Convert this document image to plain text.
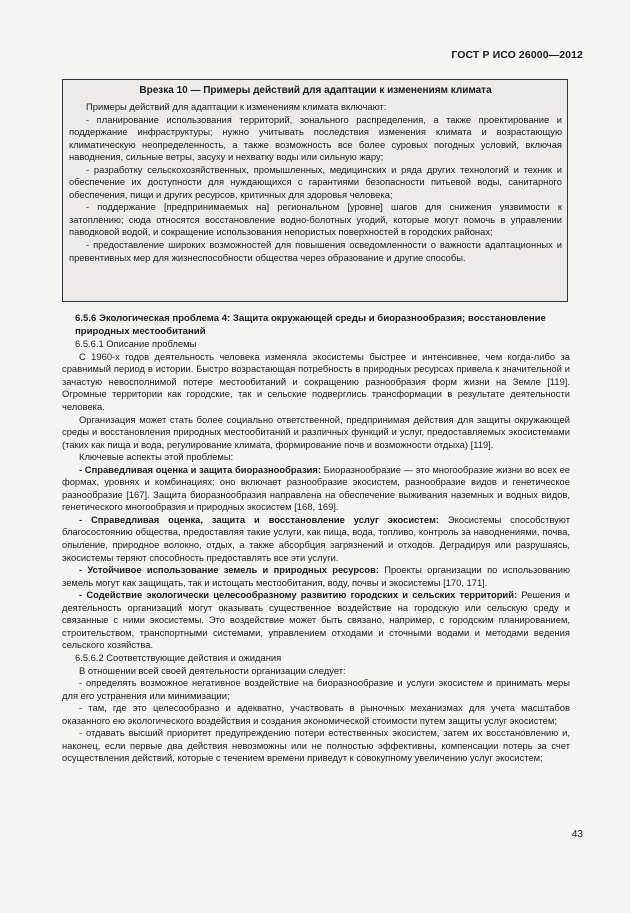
ГОСТ Р ИСО 26000—2012
Врезка 10 — Примеры действий для адаптации к изменениям климата

Примеры действий для адаптации к изменениям климата включают:

- планирование использования территорий, зонального распределения, а также проектирование и поддержание инфраструктуры; нужно учитывать последствия изменения климата и возрастающую климатическую неопределенность, а также возможность все более суровых погодных условий, включая наводнения, сильные ветры, засуху и нехватку воды или сильную жару;

- разработку сельскохозяйственных, промышленных, медицинских и ряда других технологий и техник и обеспечение их доступности для нуждающихся с гарантиями безопасности питьевой воды, санитарного обеспечения, пищи и других ресурсов, критичных для здоровья человека;

- поддержание [предпринимаемых на] региональном [уровне] шагов для снижения уязвимости к затоплению; сюда относятся восстановление водно-болотных угодий, которые могут помочь в управлении паводковой водой, и сокращение использования непористых поверхностей в городских районах;

- предоставление широких возможностей для повышения осведомленности о важности адаптационных и превентивных мер для жизнеспособности общества через образование и другие способы.

6.5.6 Экологическая проблема 4: Защита окружающей среды и биоразнообразия; восстановление природных местообитаний

6.5.6.1 Описание проблемы

С 1960-х годов деятельность человека изменяла экосистемы быстрее и интенсивнее, чем когда-либо за сравнимый период в истории. Быстро возрастающая потребность в природных ресурсах привела к значительной и зачастую невосполнимой потере местообитаний и сокращению разнообразия форм жизни на Земле [119]. Огромные территории как городские, так и сельские подверглись трансформации в результате деятельности человека.

Организация может стать более социально ответственной, предпринимая действия для защиты окружающей среды и восстановления природных местообитаний и различных функций и услуг, предоставляемых экосистемами (таких как пища и вода, регулирование климата, формирование почв и возможности отдыха) [119].

Ключевые аспекты этой проблемы:

- Справедливая оценка и защита биоразнообразия: Биоразнообразие — это многообразие жизни во всех ее формах, уровнях и комбинациях; оно включает разнообразие экосистем, разнообразие видов и генетическое разнообразие [167]. Защита биоразнообразия направлена на обеспечение выживания наземных и водных видов, генетического многообразия и природных экосистем [168, 169].

- Справедливая оценка, защита и восстановление услуг экосистем: Экосистемы способствуют благосостоянию общества, предоставляя такие услуги, как пища, вода, топливо, контроль за наводнениями, почва, опыление, природное волокно, отдых, а также абсорбция загрязнений и отходов. Деградируя или разрушаясь, экосистемы теряют способность предоставлять все эти услуги.

- Устойчивое использование земель и природных ресурсов: Проекты организации по использованию земель могут как защищать, так и истощать местообитания, воду, почвы и экосистемы [170, 171].

- Содействие экологически целесообразному развитию городских и сельских территорий: Решения и деятельность организаций могут оказывать существенное воздействие на городскую или сельскую среду и связанные с ними экосистемы. Это воздействие может быть связано, например, с городским планированием, строительством, транспортными системами, управлением отходами и сточными водами и методами ведения сельского хозяйства.

6.5.6.2 Соответствующие действия и ожидания

В отношении всей своей деятельности организации следует:

- определять возможное негативное воздействие на биоразнообразие и услуги экосистем и принимать меры для его устранения или минимизации;

- там, где это целесообразно и адекватно, участвовать в рыночных механизмах для учета масштабов оказанного ею экологического воздействия и создания экономической стоимости путем защиты услуг экосистем;

- отдавать высший приоритет предупреждению потери естественных экосистем, затем их восстановлению и, наконец, если первые два действия невозможны или не полностью эффективны, компенсации потерь за счет осуществления действий, которые с течением времени приведут к совокупному увеличению услуг экосистем;

43
